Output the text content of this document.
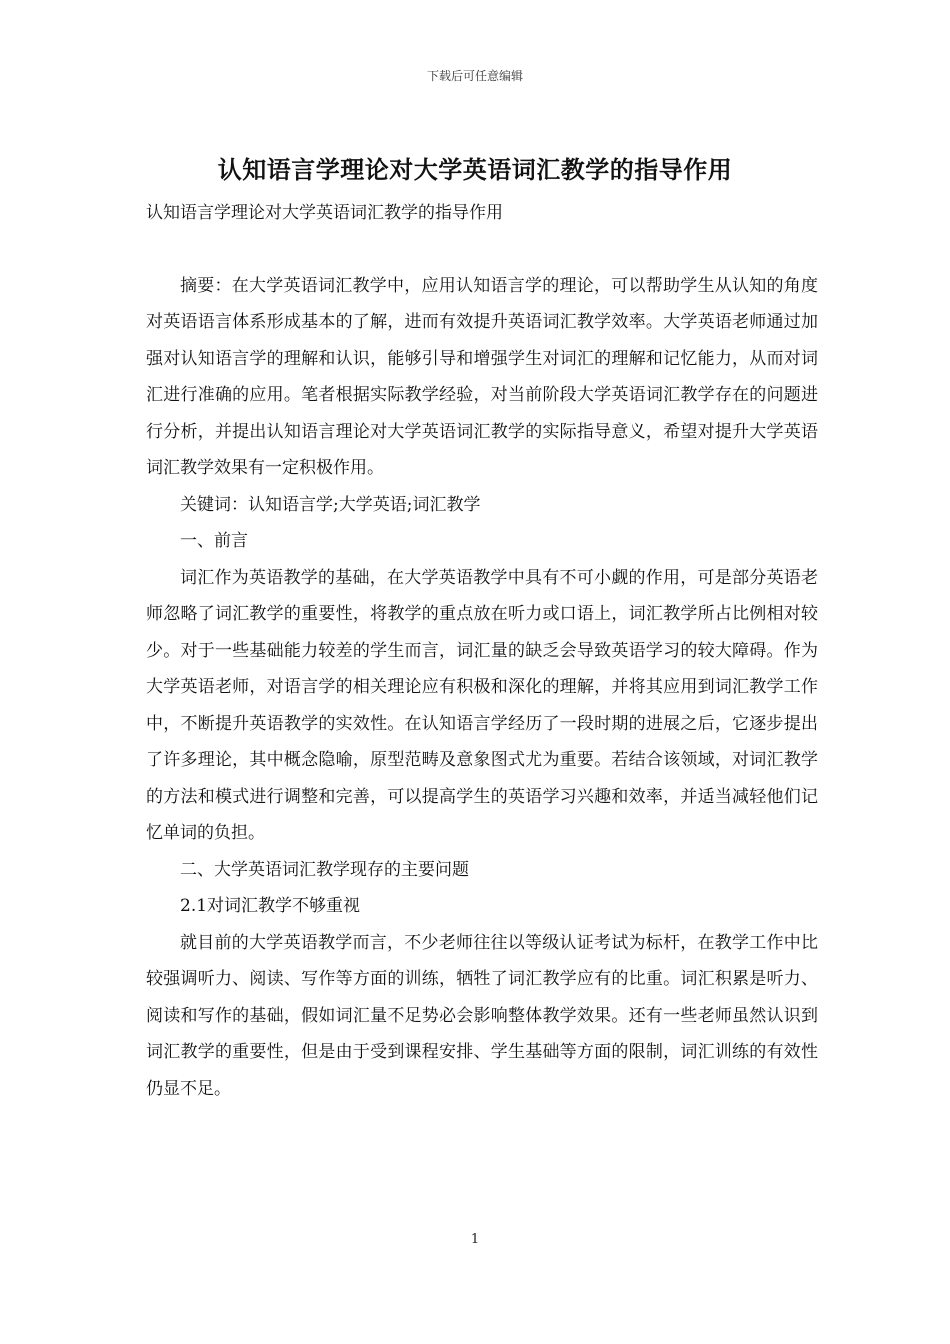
下载后可任意编辑
认知语言学理论对大学英语词汇教学的指导作用

认知语言学理论对大学英语词汇教学的指导作用

摘要：在大学英语词汇教学中，应用认知语言学的理论，可以帮助学生从认知的角度对英语语言体系形成基本的了解，进而有效提升英语词汇教学效率。大学英语老师通过加强对认知语言学的理解和认识，能够引导和增强学生对词汇的理解和记忆能力，从而对词汇进行准确的应用。笔者根据实际教学经验，对当前阶段大学英语词汇教学存在的问题进行分析，并提出认知语言理论对大学英语词汇教学的实际指导意义，希望对提升大学英语词汇教学效果有一定积极作用。

关键词：认知语言学;大学英语;词汇教学

一、前言

词汇作为英语教学的基础，在大学英语教学中具有不可小觑的作用，可是部分英语老师忽略了词汇教学的重要性，将教学的重点放在听力或口语上，词汇教学所占比例相对较少。对于一些基础能力较差的学生而言，词汇量的缺乏会导致英语学习的较大障碍。作为大学英语老师，对语言学的相关理论应有积极和深化的理解，并将其应用到词汇教学工作中，不断提升英语教学的实效性。在认知语言学经历了一段时期的进展之后，它逐步提出了许多理论，其中概念隐喻，原型范畴及意象图式尤为重要。若结合该领域，对词汇教学的方法和模式进行调整和完善，可以提高学生的英语学习兴趣和效率，并适当减轻他们记忆单词的负担。

二、大学英语词汇教学现存的主要问题

2.1对词汇教学不够重视

就目前的大学英语教学而言，不少老师往往以等级认证考试为标杆，在教学工作中比较强调听力、阅读、写作等方面的训练，牺牲了词汇教学应有的比重。词汇积累是听力、阅读和写作的基础，假如词汇量不足势必会影响整体教学效果。还有一些老师虽然认识到词汇教学的重要性，但是由于受到课程安排、学生基础等方面的限制，词汇训练的有效性仍显不足。

1
